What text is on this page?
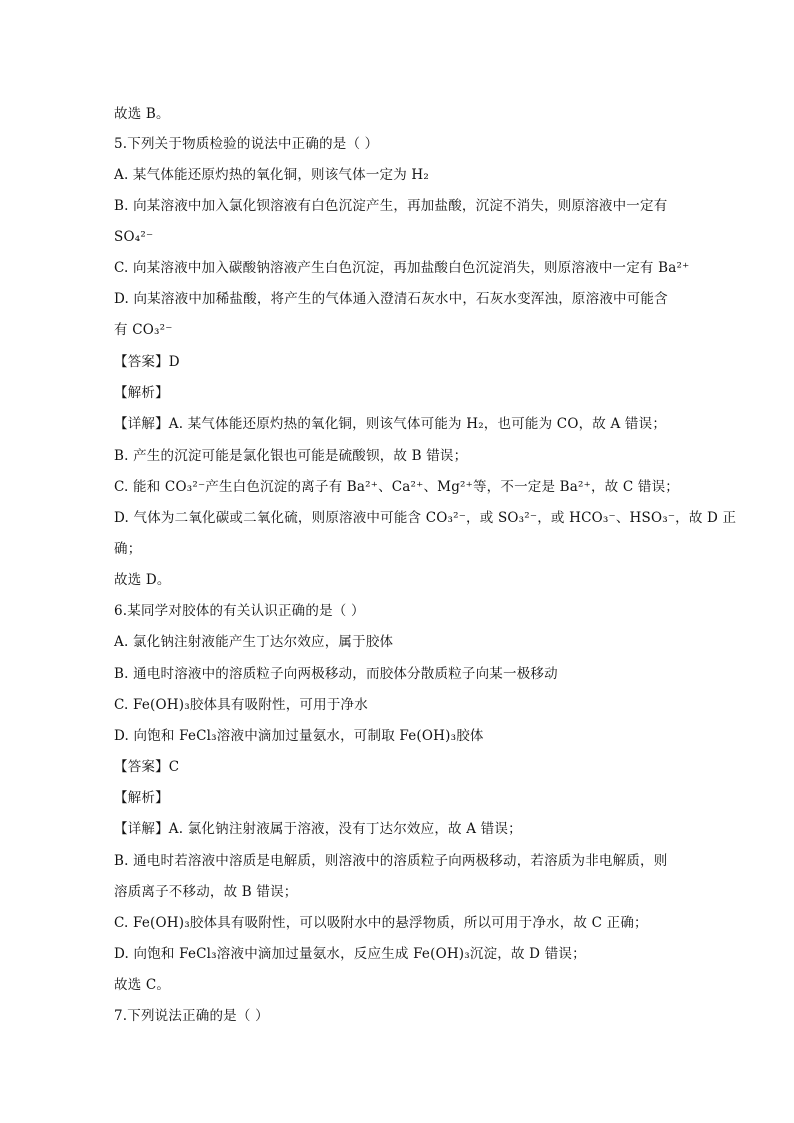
故选 B。
5.下列关于物质检验的说法中正确的是（ ）
A. 某气体能还原灼热的氧化铜，则该气体一定为 H₂
B. 向某溶液中加入氯化钡溶液有白色沉淀产生，再加盐酸，沉淀不消失，则原溶液中一定有
SO₄²⁻
C. 向某溶液中加入碳酸钠溶液产生白色沉淀，再加盐酸白色沉淀消失，则原溶液中一定有 Ba²⁺
D. 向某溶液中加稀盐酸，将产生的气体通入澄清石灰水中，石灰水变浑浊，原溶液中可能含
有 CO₃²⁻
【答案】D
【解析】
【详解】A. 某气体能还原灼热的氧化铜，则该气体可能为 H₂，也可能为 CO，故 A 错误；
B. 产生的沉淀可能是氯化银也可能是硫酸钡，故 B 错误；
C. 能和 CO₃²⁻产生白色沉淀的离子有 Ba²⁺、Ca²⁺、Mg²⁺等，不一定是 Ba²⁺，故 C 错误；
D. 气体为二氧化碳或二氧化硫，则原溶液中可能含 CO₃²⁻，或 SO₃²⁻，或 HCO₃⁻、HSO₃⁻，故 D 正
确；
故选 D。
6.某同学对胶体的有关认识正确的是（ ）
A. 氯化钠注射液能产生丁达尔效应，属于胶体
B. 通电时溶液中的溶质粒子向两极移动，而胶体分散质粒子向某一极移动
C. Fe(OH)₃胶体具有吸附性，可用于净水
D. 向饱和 FeCl₃溶液中滴加过量氨水，可制取 Fe(OH)₃胶体
【答案】C
【解析】
【详解】A. 氯化钠注射液属于溶液，没有丁达尔效应，故 A 错误；
B. 通电时若溶液中溶质是电解质，则溶液中的溶质粒子向两极移动，若溶质为非电解质，则
溶质离子不移动，故 B 错误；
C. Fe(OH)₃胶体具有吸附性，可以吸附水中的悬浮物质，所以可用于净水，故 C 正确；
D. 向饱和 FeCl₃溶液中滴加过量氨水，反应生成 Fe(OH)₃沉淀，故 D 错误；
故选 C。
7.下列说法正确的是（ ）
